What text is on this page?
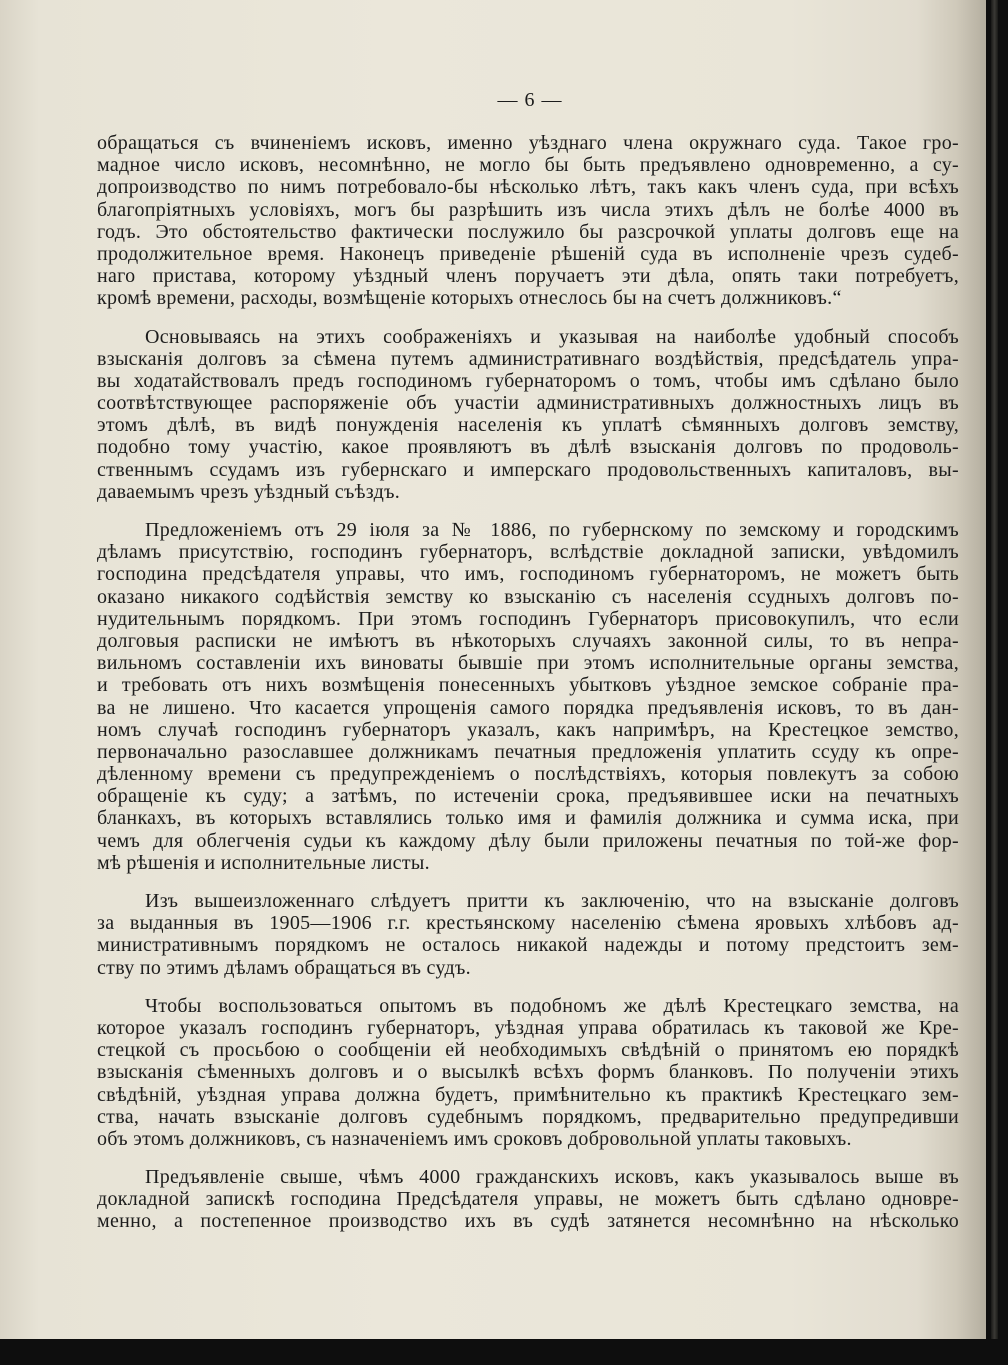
— 6 —
обращаться съ вчиненіемъ исковъ, именно уѣзднаго члена окружнаго суда. Такое гро-
мадное число исковъ, несомнѣнно, не могло бы быть предъявлено одновременно, а су-
допроизводство по нимъ потребовало-бы нѣсколько лѣтъ, такъ какъ членъ суда, при всѣхъ
благопріятныхъ условіяхъ, могъ бы разрѣшить изъ числа этихъ дѣлъ не болѣе 4000 въ
годъ. Это обстоятельство фактически послужило бы разсрочкой уплаты долговъ еще на
продолжительное время. Наконецъ приведеніе рѣшеній суда въ исполненіе чрезъ судеб-
наго пристава, которому уѣздный членъ поручаетъ эти дѣла, опять таки потребуетъ,
кромѣ времени, расходы, возмѣщеніе которыхъ отнеслось бы на счетъ должниковъ.“
Основываясь на этихъ соображеніяхъ и указывая на наиболѣе удобный способъ
взысканія долговъ за сѣмена путемъ административнаго воздѣйствія, предсѣдатель упра-
вы ходатайствовалъ предъ господиномъ губернаторомъ о томъ, чтобы имъ сдѣлано было
соотвѣтствующее распоряженіе объ участіи административныхъ должностныхъ лицъ въ
этомъ дѣлѣ, въ видѣ понужденія населенія къ уплатѣ сѣмянныхъ долговъ земству,
подобно тому участію, какое проявляютъ въ дѣлѣ взысканія долговъ по продоволь-
ственнымъ ссудамъ изъ губернскаго и имперскаго продовольственныхъ капиталовъ, вы-
даваемымъ чрезъ уѣздный съѣздъ.
Предложеніемъ отъ 29 іюля за № 1886, по губернскому по земскому и городскимъ
дѣламъ присутствію, господинъ губернаторъ, вслѣдствіе докладной записки, увѣдомилъ
господина предсѣдателя управы, что имъ, господиномъ губернаторомъ, не можетъ быть
оказано никакого содѣйствія земству ко взысканію съ населенія ссудныхъ долговъ по-
нудительнымъ порядкомъ. При этомъ господинъ Губернаторъ присовокупилъ, что если
долговыя расписки не имѣютъ въ нѣкоторыхъ случаяхъ законной силы, то въ непра-
вильномъ составленіи ихъ виноваты бывшіе при этомъ исполнительные органы земства,
и требовать отъ нихъ возмѣщенія понесенныхъ убытковъ уѣздное земское собраніе пра-
ва не лишено. Что касается упрощенія самого порядка предъявленія исковъ, то въ дан-
номъ случаѣ господинъ губернаторъ указалъ, какъ напримѣръ, на Крестецкое земство,
первоначально разославшее должникамъ печатныя предложенія уплатить ссуду къ опре-
дѣленному времени съ предупрежденіемъ о послѣдствіяхъ, которыя повлекутъ за собою
обращеніе къ суду; а затѣмъ, по истеченіи срока, предъявившее иски на печатныхъ
бланкахъ, въ которыхъ вставлялись только имя и фамилія должника и сумма иска, при
чемъ для облегченія судьи къ каждому дѣлу были приложены печатныя по той-же фор-
мѣ рѣшенія и исполнительные листы.
Изъ вышеизложеннаго слѣдуетъ притти къ заключенію, что на взысканіе долговъ
за выданныя въ 1905—1906 г.г. крестьянскому населенію сѣмена яровыхъ хлѣбовъ ад-
министративнымъ порядкомъ не осталось никакой надежды и потому предстоитъ зем-
ству по этимъ дѣламъ обращаться въ судъ.
Чтобы воспользоваться опытомъ въ подобномъ же дѣлѣ Крестецкаго земства, на
которое указалъ господинъ губернаторъ, уѣздная управа обратилась къ таковой же Кре-
стецкой съ просьбою о сообщеніи ей необходимыхъ свѣдѣній о принятомъ ею порядкѣ
взысканія сѣменныхъ долговъ и о высылкѣ всѣхъ формъ бланковъ. По полученіи этихъ
свѣдѣній, уѣздная управа должна будетъ, примѣнительно къ практикѣ Крестецкаго зем-
ства, начать взысканіе долговъ судебнымъ порядкомъ, предварительно предупредивши
объ этомъ должниковъ, съ назначеніемъ имъ сроковъ добровольной уплаты таковыхъ.
Предъявленіе свыше, чѣмъ 4000 гражданскихъ исковъ, какъ указывалось выше въ
докладной запискѣ господина Предсѣдателя управы, не можетъ быть сдѣлано одновре-
менно, а постепенное производство ихъ въ судѣ затянется несомнѣнно на нѣсколько
